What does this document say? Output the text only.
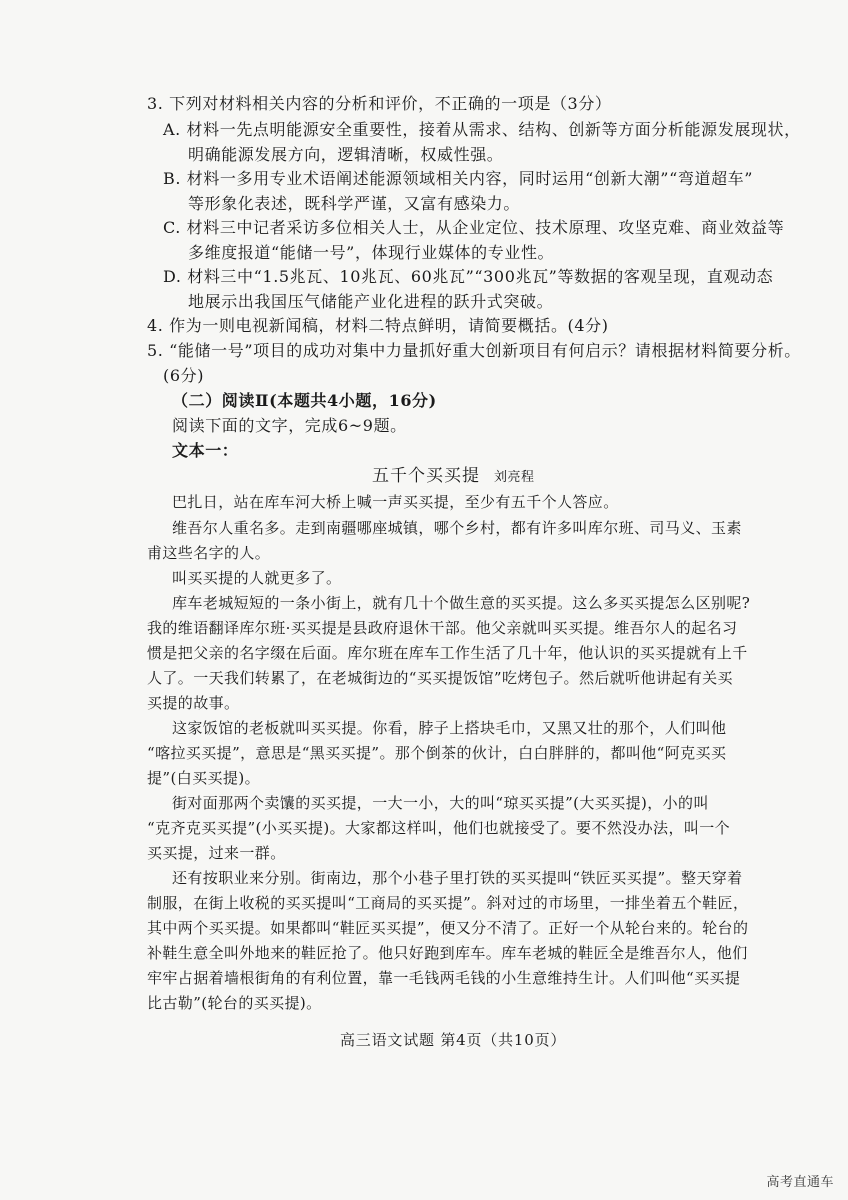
3. 下列对材料相关内容的分析和评价，不正确的一项是（3分）
A. 材料一先点明能源安全重要性，接着从需求、结构、创新等方面分析能源发展现状，
明确能源发展方向，逻辑清晰，权威性强。
B. 材料一多用专业术语阐述能源领域相关内容，同时运用“创新大潮”“弯道超车”
等形象化表述，既科学严谨，又富有感染力。
C. 材料三中记者采访多位相关人士，从企业定位、技术原理、攻坚克难、商业效益等
多维度报道“能储一号”，体现行业媒体的专业性。
D. 材料三中“1.5兆瓦、10兆瓦、60兆瓦”“300兆瓦”等数据的客观呈现，直观动态
地展示出我国压气储能产业化进程的跃升式突破。
4. 作为一则电视新闻稿，材料二特点鲜明，请简要概括。(4分)
5. “能储一号”项目的成功对集中力量抓好重大创新项目有何启示？请根据材料简要分析。
(6分)
（二）阅读Ⅱ(本题共4小题，16分)
阅读下面的文字，完成6~9题。
文本一：
五千个买买提 刘亮程
巴扎日，站在库车河大桥上喊一声买买提，至少有五千个人答应。
维吾尔人重名多。走到南疆哪座城镇，哪个乡村，都有许多叫库尔班、司马义、玉素
甫这些名字的人。
叫买买提的人就更多了。
库车老城短短的一条小街上，就有几十个做生意的买买提。这么多买买提怎么区别呢?
我的维语翻译库尔班·买买提是县政府退休干部。他父亲就叫买买提。维吾尔人的起名习
惯是把父亲的名字缀在后面。库尔班在库车工作生活了几十年，他认识的买买提就有上千
人了。一天我们转累了，在老城街边的“买买提饭馆”吃烤包子。然后就听他讲起有关买
买提的故事。
这家饭馆的老板就叫买买提。你看，脖子上搭块毛巾，又黑又壮的那个，人们叫他
“喀拉买买提”，意思是“黑买买提”。那个倒茶的伙计，白白胖胖的，都叫他“阿克买买
提”(白买买提)。
街对面那两个卖馕的买买提，一大一小，大的叫“琼买买提”(大买买提)，小的叫
“克齐克买买提”(小买买提)。大家都这样叫，他们也就接受了。要不然没办法，叫一个
买买提，过来一群。
还有按职业来分别。街南边，那个小巷子里打铁的买买提叫“铁匠买买提”。整天穿着
制服，在街上收税的买买提叫“工商局的买买提”。斜对过的市场里，一排坐着五个鞋匠，
其中两个买买提。如果都叫“鞋匠买买提”，便又分不清了。正好一个从轮台来的。轮台的
补鞋生意全叫外地来的鞋匠抢了。他只好跑到库车。库车老城的鞋匠全是维吾尔人，他们
牢牢占据着墙根街角的有利位置，靠一毛钱两毛钱的小生意维持生计。人们叫他“买买提
比古勒”(轮台的买买提)。
高三语文试题 第4页（共10页）
高考直通车
